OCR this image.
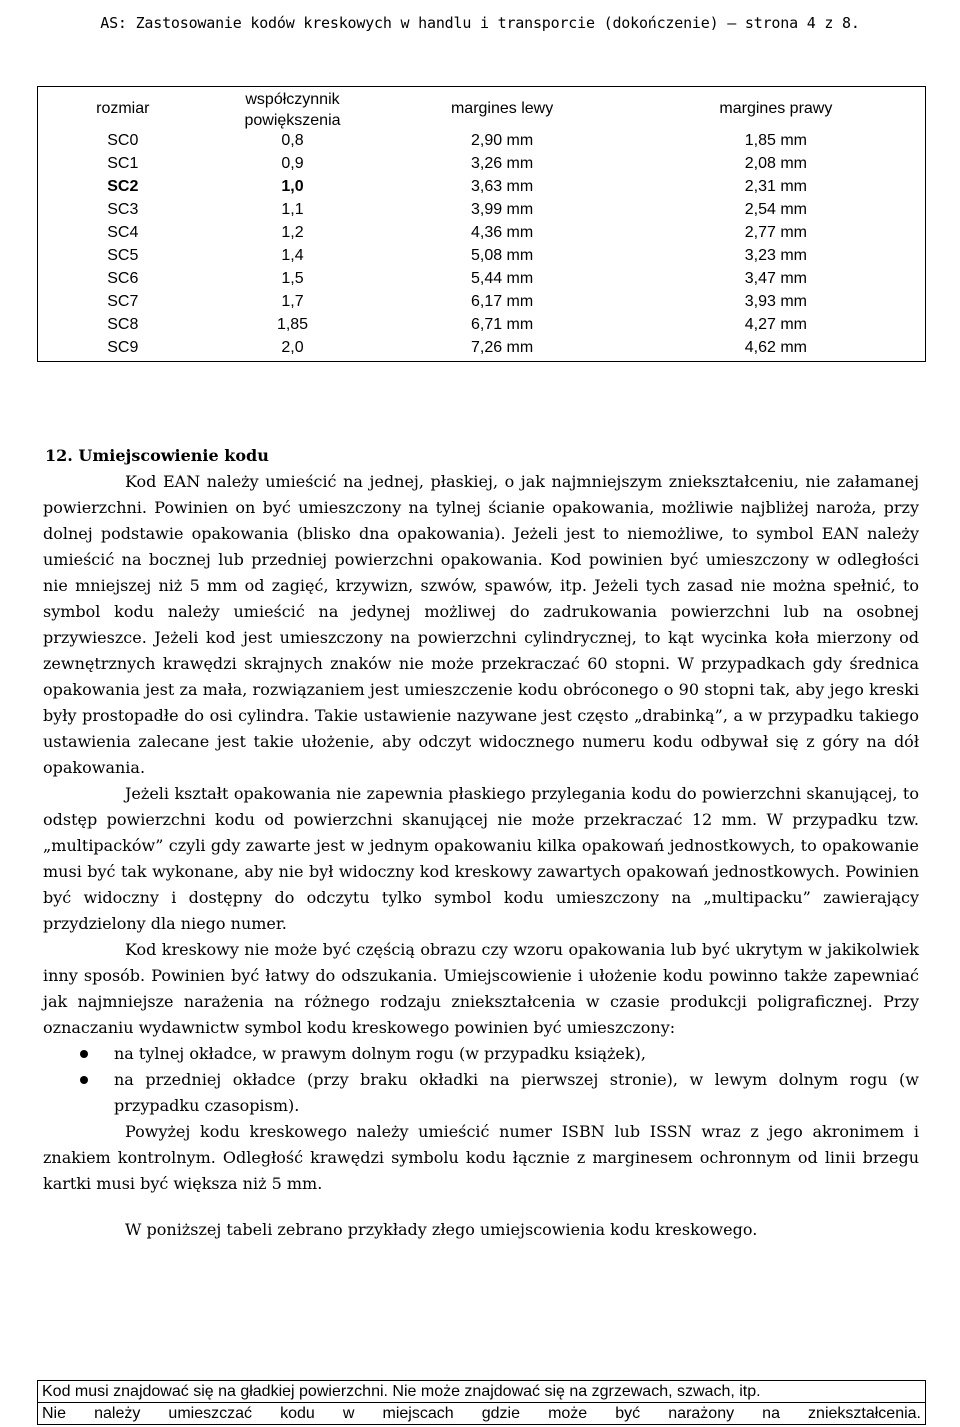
AS: Zastosowanie kodów kreskowych w handlu i transporcie (dokończenie) – strona 4 z 8.
rozmiar	współczynnik powiększenia	margines lewy	margines prawy
SC0	0,8	2,90 mm	1,85 mm
SC1	0,9	3,26 mm	2,08 mm
SC2	1,0	3,63 mm	2,31 mm
SC3	1,1	3,99 mm	2,54 mm
SC4	1,2	4,36 mm	2,77 mm
SC5	1,4	5,08 mm	3,23 mm
SC6	1,5	5,44 mm	3,47 mm
SC7	1,7	6,17 mm	3,93 mm
SC8	1,85	6,71 mm	4,27 mm
SC9	2,0	7,26 mm	4,62 mm

12. Umiejscowienie kodu

Kod EAN należy umieścić na jednej, płaskiej, o jak najmniejszym zniekształceniu, nie załamanej powierzchni. Powinien on być umieszczony na tylnej ścianie opakowania, możliwie najbliżej naroża, przy dolnej podstawie opakowania (blisko dna opakowania). Jeżeli jest to niemożliwe, to symbol EAN należy umieścić na bocznej lub przedniej powierzchni opakowania. Kod powinien być umieszczony w odległości nie mniejszej niż 5 mm od zagięć, krzywizn, szwów, spawów, itp. Jeżeli tych zasad nie można spełnić, to symbol kodu należy umieścić na jedynej możliwej do zadrukowania powierzchni lub na osobnej przywieszce. Jeżeli kod jest umieszczony na powierzchni cylindrycznej, to kąt wycinka koła mierzony od zewnętrznych krawędzi skrajnych znaków nie może przekraczać 60 stopni. W przypadkach gdy średnica opakowania jest za mała, rozwiązaniem jest umieszczenie kodu obróconego o 90 stopni tak, aby jego kreski były prostopadłe do osi cylindra. Takie ustawienie nazywane jest często „drabinką”, a w przypadku takiego ustawienia zalecane jest takie ułożenie, aby odczyt widocznego numeru kodu odbywał się z góry na dół opakowania.

Jeżeli kształt opakowania nie zapewnia płaskiego przylegania kodu do powierzchni skanującej, to odstęp powierzchni kodu od powierzchni skanującej nie może przekraczać 12 mm. W przypadku tzw. „multipacków” czyli gdy zawarte jest w jednym opakowaniu kilka opakowań jednostkowych, to opakowanie musi być tak wykonane, aby nie był widoczny kod kreskowy zawartych opakowań jednostkowych. Powinien być widoczny i dostępny do odczytu tylko symbol kodu umieszczony na „multipacku” zawierający przydzielony dla niego numer.

Kod kreskowy nie może być częścią obrazu czy wzoru opakowania lub być ukrytym w jakikolwiek inny sposób. Powinien być łatwy do odszukania. Umiejscowienie i ułożenie kodu powinno także zapewniać jak najmniejsze narażenia na różnego rodzaju zniekształcenia w czasie produkcji poligraficznej. Przy oznaczaniu wydawnictw symbol kodu kreskowego powinien być umieszczony:

na tylnej okładce, w prawym dolnym rogu (w przypadku książek),
na przedniej okładce (przy braku okładki na pierwszej stronie), w lewym dolnym rogu (w przypadku czasopism).

Powyżej kodu kreskowego należy umieścić numer ISBN lub ISSN wraz z jego akronimem i znakiem kontrolnym. Odległość krawędzi symbolu kodu łącznie z marginesem ochronnym od linii brzegu kartki musi być większa niż 5 mm.

W poniższej tabeli zebrano przykłady złego umiejscowienia kodu kreskowego.

Kod musi znajdować się na gładkiej powierzchni. Nie może znajdować się na zgrzewach, szwach, itp.
Nie należy umieszczać kodu w miejscach gdzie może być narażony na zniekształcenia.
